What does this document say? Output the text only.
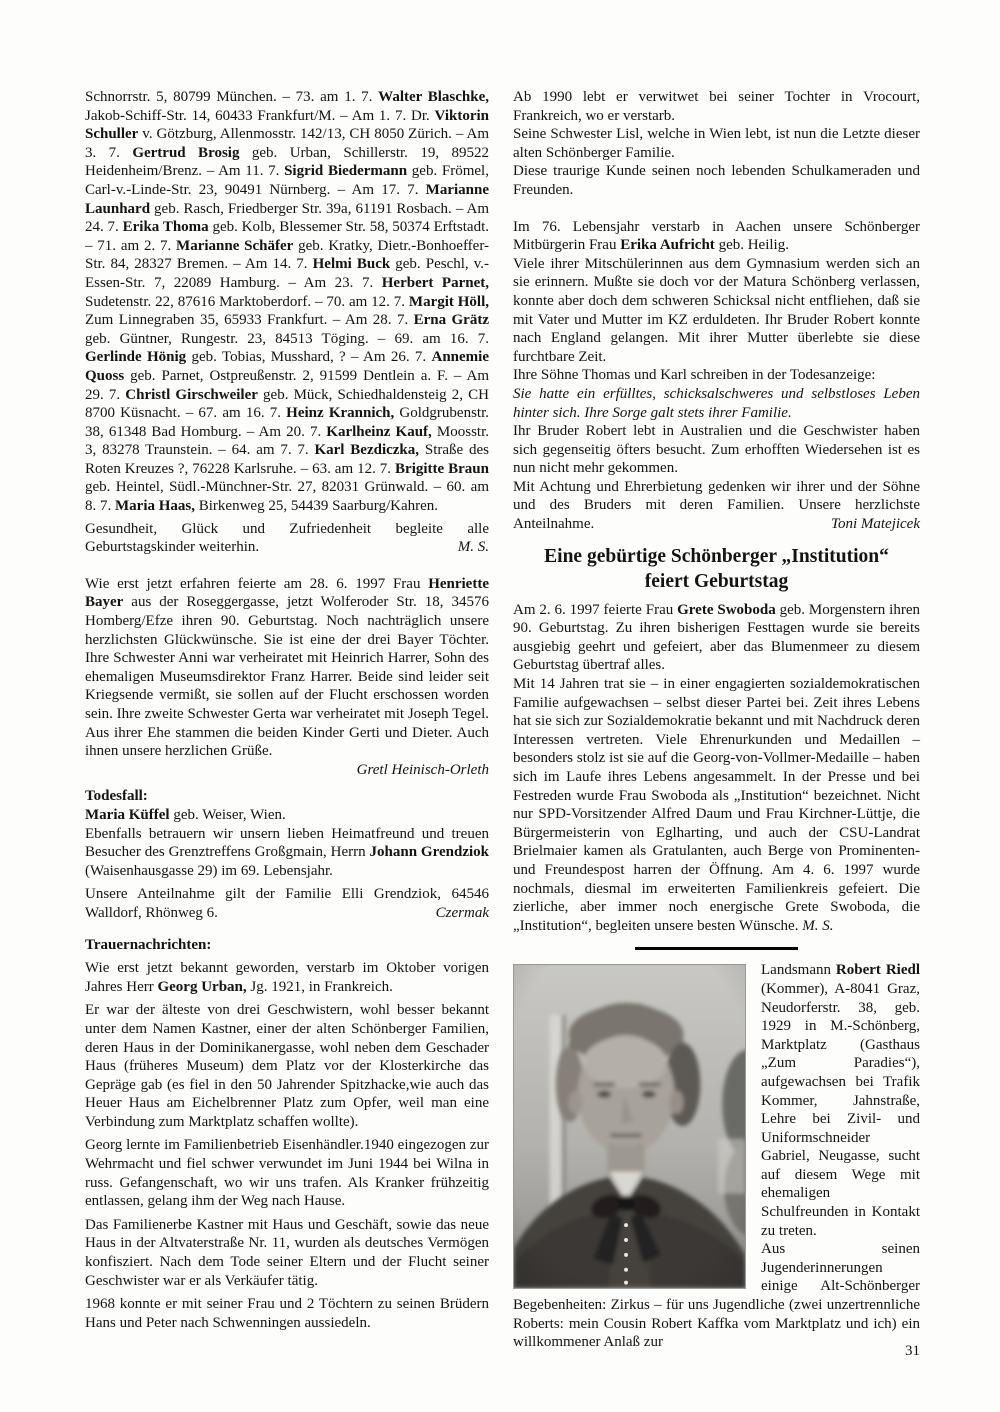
Schnorrstr. 5, 80799 München. – 73. am 1. 7. Walter Blaschke, Jakob-Schiff-Str. 14, 60433 Frankfurt/M. – Am 1. 7. Dr. Viktorin Schuller v. Götzburg, Allenmosstr. 142/13, CH 8050 Zürich. – Am 3. 7. Gertrud Brosig geb. Urban, Schillerstr. 19, 89522 Heidenheim/Brenz. – Am 11. 7. Sigrid Biedermann geb. Frömel, Carl-v.-Linde-Str. 23, 90491 Nürnberg. – Am 17. 7. Marianne Launhard geb. Rasch, Friedberger Str. 39a, 61191 Rosbach. – Am 24. 7. Erika Thoma geb. Kolb, Blessemer Str. 58, 50374 Erftstadt. – 71. am 2. 7. Marianne Schäfer geb. Kratky, Dietr.-Bonhoeffer-Str. 84, 28327 Bremen. – Am 14. 7. Helmi Buck geb. Peschl, v.-Essen-Str. 7, 22089 Hamburg. – Am 23. 7. Herbert Parnet, Sudetenstr. 22, 87616 Marktoberdorf. – 70. am 12. 7. Margit Höll, Zum Linnegraben 35, 65933 Frankfurt. – Am 28. 7. Erna Grätz geb. Güntner, Rungestr. 23, 84513 Töging. – 69. am 16. 7. Gerlinde Hönig geb. Tobias, Musshard, ? – Am 26. 7. Annemie Quoss geb. Parnet, Ostpreußenstr. 2, 91599 Dentlein a. F. – Am 29. 7. Christl Girschweiler geb. Mück, Schiedhaldensteig 2, CH 8700 Küsnacht. – 67. am 16. 7. Heinz Krannich, Goldgrubenstr. 38, 61348 Bad Homburg. – Am 20. 7. Karlheinz Kauf, Moosstr. 3, 83278 Traunstein. – 64. am 7. 7. Karl Bezdiczka, Straße des Roten Kreuzes ?, 76228 Karlsruhe. – 63. am 12. 7. Brigitte Braun geb. Heintel, Südl.-Münchner-Str. 27, 82031 Grünwald. – 60. am 8. 7. Maria Haas, Birkenweg 25, 54439 Saarburg/Kahren.

Gesundheit, Glück und Zufriedenheit begleite alle Geburtstagskinder weiterhin.	M. S.

Wie erst jetzt erfahren feierte am 28. 6. 1997 Frau Henriette Bayer aus der Roseggergasse, jetzt Wolferoder Str. 18, 34576 Homberg/Efze ihren 90. Geburtstag. Noch nachträglich unsere herzlichsten Glückwünsche. Sie ist eine der drei Bayer Töchter. Ihre Schwester Anni war verheiratet mit Heinrich Harrer, Sohn des ehemaligen Museumsdirektor Franz Harrer. Beide sind leider seit Kriegsende vermißt, sie sollen auf der Flucht erschossen worden sein. Ihre zweite Schwester Gerta war verheiratet mit Joseph Tegel. Aus ihrer Ehe stammen die beiden Kinder Gerti und Dieter. Auch ihnen unsere herzlichen Grüße.

Gretl Heinisch-Orleth

Todesfall:

Maria Küffel geb. Weiser, Wien.

Ebenfalls betrauern wir unsern lieben Heimatfreund und treuen Besucher des Grenztreffens Großgmain, Herrn Johann Grendziok (Waisenhausgasse 29) im 69. Lebensjahr.

Unsere Anteilnahme gilt der Familie Elli Grendziok, 64546 Walldorf, Rhönweg 6.	Czermak

Trauernachrichten:

Wie erst jetzt bekannt geworden, verstarb im Oktober vorigen Jahres Herr Georg Urban, Jg. 1921, in Frankreich.

Er war der älteste von drei Geschwistern, wohl besser bekannt unter dem Namen Kastner, einer der alten Schönberger Familien, deren Haus in der Dominikanergasse, wohl neben dem Geschader Haus (früheres Museum) dem Platz vor der Klosterkirche das Gepräge gab (es fiel in den 50 Jahrender Spitzhacke,wie auch das Heuer Haus am Eichelbrenner Platz zum Opfer, weil man eine Verbindung zum Marktplatz schaffen wollte).

Georg lernte im Familienbetrieb Eisenhändler.1940 eingezogen zur Wehrmacht und fiel schwer verwundet im Juni 1944 bei Wilna in russ. Gefangenschaft, wo wir uns trafen. Als Kranker frühzeitig entlassen, gelang ihm der Weg nach Hause.

Das Familienerbe Kastner mit Haus und Geschäft, sowie das neue Haus in der Altvaterstraße Nr. 11, wurden als deutsches Vermögen konfisziert. Nach dem Tode seiner Eltern und der Flucht seiner Geschwister war er als Verkäufer tätig.

1968 konnte er mit seiner Frau und 2 Töchtern zu seinen Brüdern Hans und Peter nach Schwenningen aussiedeln.

Ab 1990 lebt er verwitwet bei seiner Tochter in Vrocourt, Frankreich, wo er verstarb.

Seine Schwester Lisl, welche in Wien lebt, ist nun die Letzte dieser alten Schönberger Familie.

Diese traurige Kunde seinen noch lebenden Schulkameraden und Freunden.

Im 76. Lebensjahr verstarb in Aachen unsere Schönberger Mitbürgerin Frau Erika Aufricht geb. Heilig.

Viele ihrer Mitschülerinnen aus dem Gymnasium werden sich an sie erinnern. Mußte sie doch vor der Matura Schönberg verlassen, konnte aber doch dem schweren Schicksal nicht entfliehen, daß sie mit Vater und Mutter im KZ erduldeten. Ihr Bruder Robert konnte nach England gelangen. Mit ihrer Mutter überlebte sie diese furchtbare Zeit.

Ihre Söhne Thomas und Karl schreiben in der Todesanzeige:

Sie hatte ein erfülltes, schicksalschweres und selbstloses Leben hinter sich. Ihre Sorge galt stets ihrer Familie.

Ihr Bruder Robert lebt in Australien und die Geschwister haben sich gegenseitig öfters besucht. Zum erhofften Wiedersehen ist es nun nicht mehr gekommen.

Mit Achtung und Ehrerbietung gedenken wir ihrer und der Söhne und des Bruders mit deren Familien. Unsere herzlichste Anteilnahme.	Toni Matejicek

Eine gebürtige Schönberger „Institution“
feiert Geburtstag

Am 2. 6. 1997 feierte Frau Grete Swoboda geb. Morgenstern ihren 90. Geburtstag. Zu ihren bisherigen Festtagen wurde sie bereits ausgiebig geehrt und gefeiert, aber das Blumenmeer zu diesem Geburtstag übertraf alles.

Mit 14 Jahren trat sie – in einer engagierten sozialdemokratischen Familie aufgewachsen – selbst dieser Partei bei. Zeit ihres Lebens hat sie sich zur Sozialdemokratie bekannt und mit Nachdruck deren Interessen vertreten. Viele Ehrenurkunden und Medaillen – besonders stolz ist sie auf die Georg-von-Vollmer-Medaille – haben sich im Laufe ihres Lebens angesammelt. In der Presse und bei Festreden wurde Frau Swoboda als „Institution“ bezeichnet. Nicht nur SPD-Vorsitzender Alfred Daum und Frau Kirchner-Lüttje, die Bürgermeisterin von Eglharting, und auch der CSU-Landrat Brielmaier kamen als Gratulanten, auch Berge von Prominenten- und Freundespost harren der Öffnung. Am 4. 6. 1997 wurde nochmals, diesmal im erweiterten Familienkreis gefeiert. Die zierliche, aber immer noch energische Grete Swoboda, die „Institution“, begleiten unsere besten Wünsche. M. S.

Landsmann Robert Riedl (Kommer), A-8041 Graz, Neudorferstr. 38, geb. 1929 in M.-Schönberg, Marktplatz (Gasthaus „Zum Paradies“), aufgewachsen bei Trafik Kommer, Jahnstraße, Lehre bei Zivil- und Uniformschneider Gabriel, Neugasse, sucht auf diesem Wege mit ehemaligen Schulfreunden in Kontakt zu treten.

Aus seinen Jugenderinnerungen einige Alt-Schönberger Begebenheiten: Zirkus – für uns Jugendliche (zwei unzertrennliche Roberts: mein Cousin Robert Kaffka vom Marktplatz und ich) ein willkommener Anlaß zur

31
